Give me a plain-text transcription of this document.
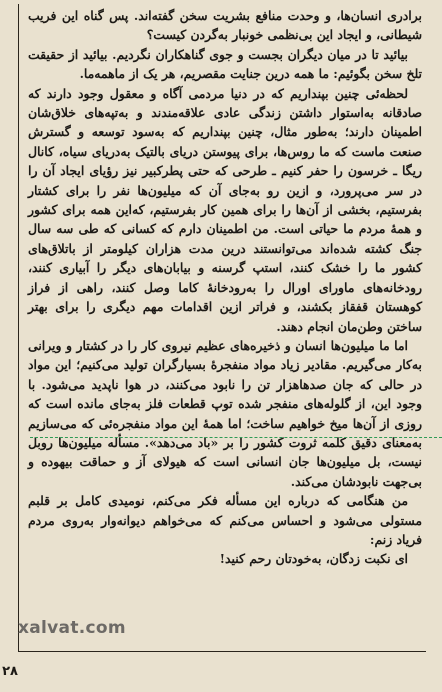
برادری انسان‌ها، و وحدت منافع بشریت سخن گفته‌اند. پس گناه این فریب شیطانی، و ایجاد این بی‌نظمی خونبار به‌گردن کیست؟

بیائید تا در میان دیگران بجست و جوی گناهکاران نگردیم. بیائید از حقیقت تلخ سخن بگوئیم: ما همه درین جنایت مقصریم، هر یک از ما‌همه‌ما.

لحظه‌ئی چنین بپنداریم که در دنیا مردمی آگاه و معقول وجود دارند که صادقانه به‌استوار داشتن زندگی عادی علاقه‌مندند و به‌تپه‌های خلاق‌شان اطمینان دارند؛ به‌طور مثال، چنین بپنداریم که به‌سود توسعه و گسترش صنعت ماست که ما روس‌ها، برای پیوستن دریای بالتیک به‌دریای سیاه، کانال ریگا ـ خرسون را حفر کنیم ـ طرحی که حتی پطرکبیر نیز رؤیای ایجاد آن را در سر می‌پرورد، و ازین رو به‌جای آن که میلیون‌ها نفر را برای کشتار بفرستیم، بخشی از آن‌ها را برای همین کار بفرستیم، که‌این همه برای کشور و همهٔ مردم ما حیاتی است. من اطمینان دارم که کسانی که طی سه سال جنگ کشته شده‌اند می‌توانستند درین مدت هزاران کیلومتر از باتلاق‌های کشور ما را خشک کنند، استپ گرسنه و بیابان‌های دیگر را آبیاری کنند، رودخانه‌های ماورای اورال را به‌رودخانهٔ کاما وصل کنند، راهی از فراز کوهستان قفقاز بکشند، و فراتر ازین اقدامات مهم دیگری را برای بهتر ساختن وطن‌مان انجام دهند.

اما ما میلیون‌ها انسان و ذخیره‌های عظیم نیروی کار را در کشتار و ویرانی به‌کار می‌گیریم. مقادیر زیاد مواد منفجرهٔ بسیارگران تولید می‌کنیم؛ این مواد در حالی که جان صدها‌هزار تن را نابود می‌کنند، در هوا ناپدید می‌شود. با وجود این، از گلوله‌های منفجر شده توپ قطعات فلز به‌جای مانده است که روزی از آن‌ها میخ خواهیم ساخت؛ اما همهٔ این مواد منفجره‌ئی که می‌سازیم به‌معنای دقیق کلمه ثروت کشور را بر «باد می‌دهد». مسأله میلیون‌ها روبل نیست، بل میلیون‌ها جان انسانی است که هیولای آز و حماقت بیهوده و بی‌جهت نابودشان می‌کند.

من هنگامی که درباره این مسأله فکر می‌کنم، نومیدی کامل بر قلبم مستولی می‌شود و احساس می‌کنم که می‌خواهم دیوانه‌وار به‌روی مردم فریاد زنم:

ای نکبت زدگان، به‌خودتان رحم کنید!

xalvat.com
۲۸
